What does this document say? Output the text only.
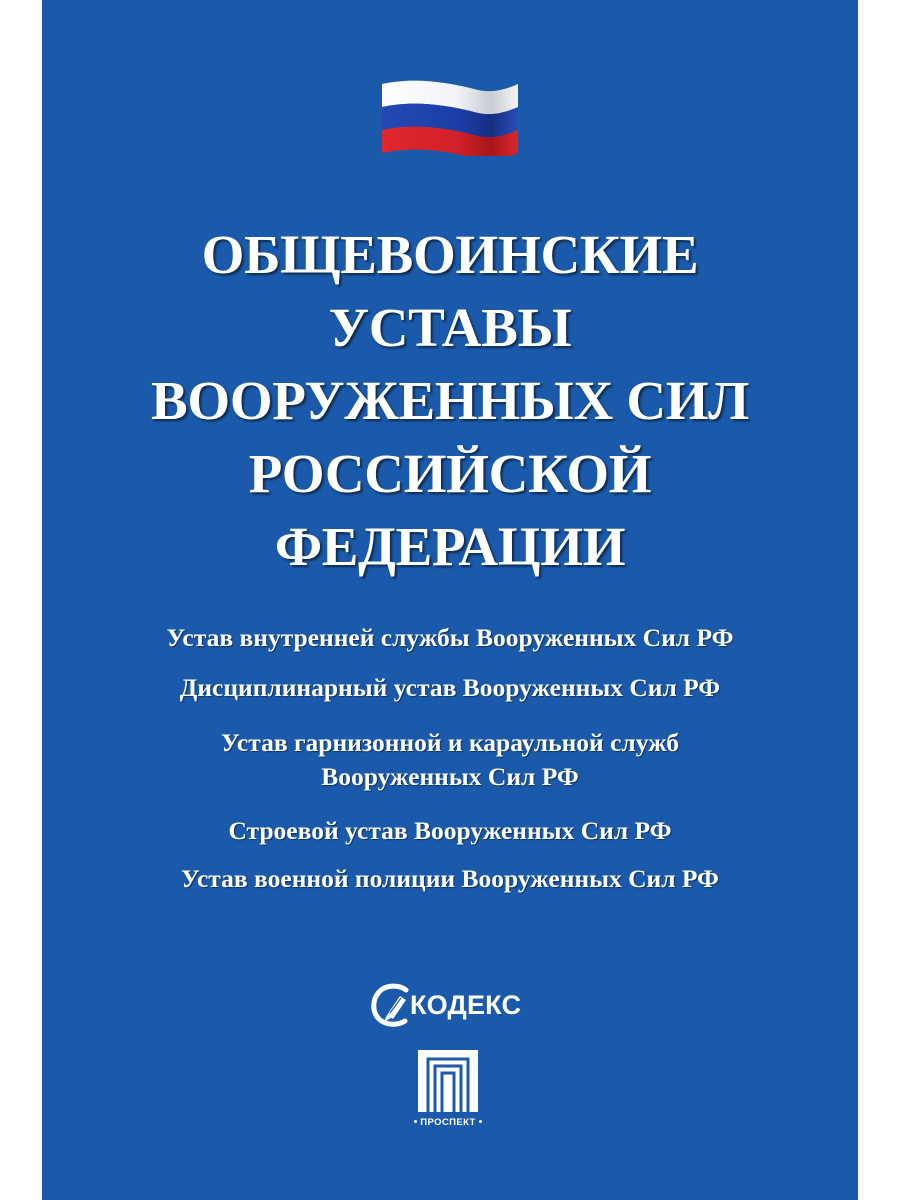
ОБЩЕВОИНСКИЕ
УСТАВЫ
ВООРУЖЕННЫХ СИЛ
РОССИЙСКОЙ
ФЕДЕРАЦИИ
Устав внутренней службы Вооруженных Сил РФ
Дисциплинарный устав Вооруженных Сил РФ
Устав гарнизонной и караульной служб
Вооруженных Сил РФ
Строевой устав Вооруженных Сил РФ
Устав военной полиции Вооруженных Сил РФ
КОДЕКС
ПРОСПЕКТ
